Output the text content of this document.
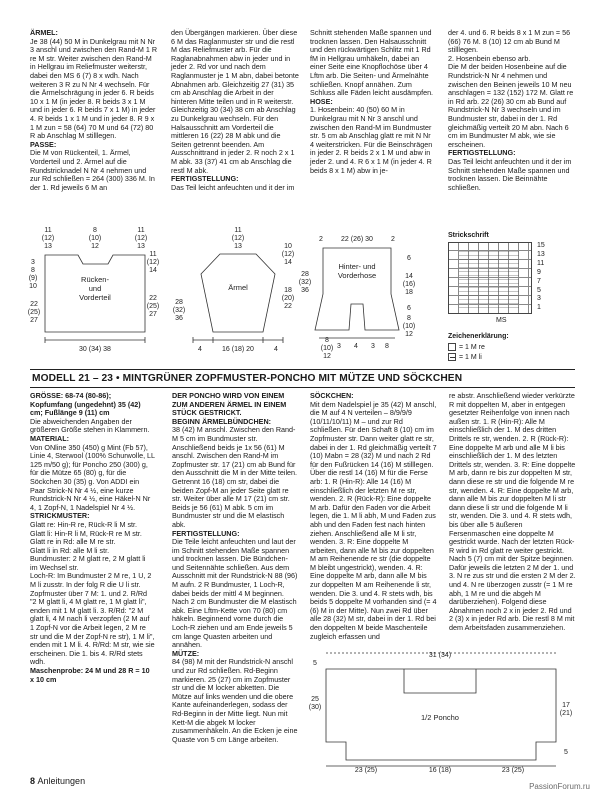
ÄRMEL:

Je 38 (44) 50 M in Dunkelgrau mit N Nr 3 anschl und zwischen den Rand-M 1 R re M str. Weiter zwischen den Rand-M in Hellgrau im Reliefmuster weiterstr, dabei den MS 6 (7) 8 x wdh. Nach weiteren 3 R zu N Nr 4 wechseln. Für die Ärmelschrägung in jeder 6. R beids 10 x 1 M (in jeder 8. R beids 3 x 1 M und in jeder 6. R beids 7 x 1 M) in jeder 4. R beids 1 x 1 M und in jeder 8. R 9 x 1 M zun = 58 (64) 70 M und 64 (72) 80 R ab Anschlag M stilllegen.

PASSE:

Die M von Rückenteil, 1. Ärmel, Vorderteil und 2. Ärmel auf die Rundstricknadel N Nr 4 nehmen und zur Rd schließen = 264 (300) 336 M. In der 1. Rd jeweils 6 M an

den Übergängen markieren. Über diese 6 M das Raglanmuster str und die restl M das Reliefmuster arb. Für die Raglanabnahmen abw in jeder und in jeder 2. Rd vor und nach dem Raglanmuster je 1 M abn, dabei betonte Abnahmen arb. Gleichzeitig 27 (31) 35 cm ab Anschlag die Arbeit in der hinteren Mitte teilen und in R weiterstr. Gleichzeitig 30 (34) 38 cm ab Anschlag zu Dunkelgrau wechseln. Für den Halsausschnitt am Vorderteil die mittleren 16 (22) 28 M abk und die Seiten getrennt beenden. Am Ausschnittrand in jeder 2. R noch 2 x 1 M abk. 33 (37) 41 cm ab Anschlag die restl M abk.

FERTIGSTELLUNG:

Das Teil leicht anfeuchten und it der im

Schnitt stehenden Maße spannen und trocknen lassen. Den Halsausschnitt und den rückwärtigen Schlitz mit 1 Rd fM in Hellgrau umhäkeln, dabei an einer Seite eine Knopflochöse über 4 Lftm arb. Die Seiten- und Ärmelnähte schließen. Knopf annähen. Zum Schluss alle Fäden leicht ausdämpfen.

HOSE:

1. Hosenbein: 40 (50) 60 M in Dunkelgrau mit N Nr 3 anschl und zwischen den Rand-M im Bundmuster str. 5 cm ab Anschlag glatt re mit N Nr 4 weiterstricken. Für die Beinschrägen in jeder 2. R beids 2 x 1 M und abw in jeder 2. und 4. R 6 x 1 M (in jeder 4. R beids 8 x 1 M) abw in je-

der 4. und 6. R beids 8 x 1 M zun = 56 (66) 76 M. 8 (10) 12 cm ab Bund M stilllegen.

2. Hosenbein ebenso arb.

Die M der beiden Hosenbeine auf die Rundstrick-N Nr 4 nehmen und zwischen den Beinen jeweils 10 M neu anschlagen = 132 (152) 172 M. Glatt re in Rd arb. 22 (26) 30 cm ab Bund auf Rundstrick-N Nr 3 wechseln und im Bundmuster str, dabei in der 1. Rd gleichmäßig verteilt 20 M abn. Nach 6 cm im Bundmuster M abk, wie sie erscheinen.

FERTIGSTELLUNG:

Das Teil leicht anfeuchten und it der im Schnitt stehenden Maße spannen und trocknen lassen. Die Beinnähte schließen.

11
(12)
13
8
(10)
12
11
(12)
13
3
8
(9)
10
11
(12)
14
22
(25)
27
22
(25)
27
30 (34) 38
Rücken-
und
Vorderteil
11
(12)
13	10
(12)
14
28
(32)
36
18
(20)
22
4	16 (18) 20	4
Ärmel
2	22 (26) 30	2
6
14
(16)
18
28
(32)
36
6
8
(10)
12
8
(10)
12
3 4 3 8
Hinter- und
Vorderhose
Strickschrift
15
13
11
9
7
5
3
1
MS
Zeichenerklärung:
= 1 M re
= 1 M li
MODELL 21 – 23 • MINTGRÜNER ZOPFMUSTER-PONCHO MIT MÜTZE UND SÖCKCHEN

GRÖSSE: 68-74 (80-86);

Kopfumfang (ungedehnt) 35 (42) cm; Fußlänge 9 (11) cm

Die abweichenden Angaben der größeren Größe stehen in Klammern.

MATERIAL:

Von ONline 350 (450) g Mint (Fb 57), Linie 4, Sterwool (100% Schurwolle, LL 125 m/50 g); für Poncho 250 (300) g, für die Mütze 65 (80) g, für die Söckchen 30 (35) g. Von ADDI ein Paar Strick-N Nr 4 ½, eine kurze Rundstrick-N Nr 4 ½, eine Häkel-N Nr 4, 1 Zopf-N, 1 Nadelspiel Nr 4 ½.

STRICKMUSTER:

Glatt re: Hin-R re, Rück-R li M str.

Glatt li: Hin-R li M, Rück-R re M str.

Glatt re in Rd: alle M re str.

Glatt li in Rd: alle M li str.

Bundmuster: 2 M glatt re, 2 M glatt li im Wechsel str.

Loch-R: Im Bundmuster 2 M re, 1 U, 2 M li zusstr. In der folg R die U li str.

Zopfmuster über 7 M: 1. und 2. R/Rd "2 M glatt li, 4 M glatt re, 1 M glatt li", enden mit 1 M glatt li. 3. R/Rd: "2 M glatt li, 4 M nach li verzopfen (2 M auf 1 Zopf-N vor die Arbeit legen, 2 M re str und die M der Zopf-N re str), 1 M li", enden mit 1 M li. 4. R/Rd: M str, wie sie erscheinen. Die 1. bis 4. R/Rd stets wdh.

Maschenprobe: 24 M und 28 R = 10 x 10 cm

DER PONCHO WIRD VON EINEM ZUM ANDEREN ÄRMEL IN EINEM STÜCK GESTRICKT.

BEGINN ÄRMELBÜNDCHEN:

38 (42) M anschl. Zwischen den Rand-M 5 cm im Bundmuster str. Anschließend beids je 1x 56 (61) M anschl. Zwischen den Rand-M im Zopfmuster str. 17 (21) cm ab Bund für den Ausschnitt die M in der Mitte teilen. Getrennt 16 (18) cm str, dabei die beiden Zopf-M an jeder Seite glatt re str. Weiter über alle M 17 (21) cm str. Beids je 56 (61) M abk. 5 cm im Bundmuster str und die M elastisch abk.

FERTIGSTELLUNG:

Die Teile leicht anfeuchten und laut der im Schnitt stehenden Maße spannen und trocknen lassen. Die Bündchen- und Seitennähte schließen. Aus dem Ausschnitt mit der Rundstrick-N 88 (96) M aufn. 2 R Bundmuster, 1 Loch-R, dabei beids der mittl 4 M beginnen. Nach 2 cm Bundmuster die M elastisch abk. Eine Lftm-Kette von 70 (80) cm häkeln. Beginnend vorne durch die Loch-R ziehen und am Ende jeweils 5 cm lange Quasten arbeiten und annähen.

MÜTZE:

84 (98) M mit der Rundstrick-N anschl und zur Rd schließen. Rd-Beginn markieren. 25 (27) cm im Zopfmuster str und die M locker abketten. Die Mütze auf links wenden und die obere Kante aufeinanderlegen, sodass der Rd-Beginn in der Mitte liegt. Nun mit Kett-M die abgek M locker zusammenhäkeln. An die Ecken je eine Quaste von 5 cm Länge arbeiten.

SÖCKCHEN:

Mit dem Nadelspiel je 35 (42) M anschl, die M auf 4 N verteilen – 8/9/9/9 (10/11/10/11) M – und zur Rd schließen. Für den Schaft 8 (10) cm im Zopfmuster str. Dann weiter glatt re str, dabei in der 1. Rd gleichmäßig verteilt 7 (10) Mabn = 28 (32) M und nach 2 Rd für den Fußrücken 14 (16) M stilllegen. Über die restl 14 (16) M für die Ferse arb: 1. R (Hin-R): Alle 14 (16) M einschließlich der letzten M re str, wenden. 2. R (Rück-R): Eine doppelte M arb. Dafür den Faden vor die Arbeit legen, die 1. M li abh, M und Faden zus abh und den Faden fest nach hinten ziehen. Anschließend alle M li str, wenden. 3. R: Eine doppelte M arbeiten, dann alle M bis zur doppelten M am Reihenende re str (die doppelte M bleibt ungestrickt), wenden. 4. R: Eine doppelte M arb, dann alle M bis zur doppelten M am Reihenende li str, wenden. Die 3. und 4. R stets wdh, bis beids 5 doppelte M vorhanden sind (= 4 (6) M in der Mitte). Nun zwei Rd über alle 28 (32) M str, dabei in der 1. Rd bei den doppelten M beide Maschenteile zugleich erfassen und

re abstr. Anschließend wieder verkürzte R mit doppelten M, aber in entgegen gesetzter Reihenfolge von innen nach außen str. 1. R (Hin-R): Alle M einschließlich der 1. M des dritten Drittels re str, wenden. 2. R (Rück-R): Eine doppelte M arb und alle M li bis einschließlich der 1. M des letzten Drittels str, wenden. 3. R: Eine doppelte M arb, dann re bis zur doppelten M str, dann diese re str und die folgende M re str, wenden. 4. R: Eine doppelte M arb, dann alle M bis zur doppelten M li str dann diese li str und die folgende M li str, wenden. Die 3. und 4. R stets wdh, bis über alle 5 äußeren Fersenmaschen eine doppelte M gestrickt wurde. Nach der letzten Rück-R wird in Rd glatt re weiter gestrickt. Nach 5 (7) cm mit der Spitze beginnen. Dafür jeweils die letzten 2 M der 1. und 3. N re zus str und die ersten 2 M der 2. und 4. N re überzogen zusstr (= 1 M re abh, 1 M re und die abgeh M darüberziehen). Folgend diese Abnahmen noch 2 x in jeder 2. Rd und 2 (3) x in jeder Rd arb. Die restl 8 M mit dem Arbeitsfaden zusammenziehen.

31 (34)
5
25
(30)	17
(21)
5
23 (25)	16 (18)	23 (25)
1/2 Poncho
8 Anleitungen
PassionForum.ru
